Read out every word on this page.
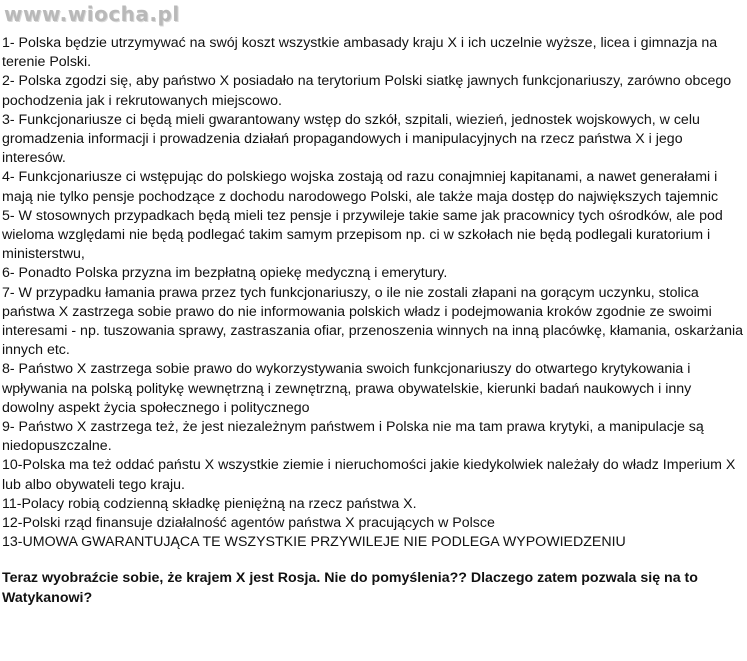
www.wiocha.pl
1- Polska będzie utrzymywać na swój koszt wszystkie ambasady kraju X i ich uczelnie wyższe, licea i gimnazja na terenie Polski.
2- Polska zgodzi się, aby państwo X posiadało na terytorium Polski siatkę jawnych funkcjonariuszy, zarówno obcego pochodzenia jak i rekrutowanych miejscowo.
3- Funkcjonariusze ci będą mieli gwarantowany wstęp do szkół, szpitali, wiezień, jednostek wojskowych, w celu gromadzenia informacji i prowadzenia działań propagandowych i manipulacyjnych na rzecz państwa X i jego interesów.
4- Funkcjonariusze ci wstępując do polskiego wojska zostają od razu conajmniej kapitanami, a nawet generałami i mają nie tylko pensje pochodzące z dochodu narodowego Polski, ale także maja dostęp do największych tajemnic
5- W stosownych przypadkach będą mieli tez pensje i przywileje takie same jak pracownicy tych ośrodków, ale pod wieloma względami nie będą podlegać takim samym przepisom np. ci w szkołach nie będą podlegali kuratorium i ministerstwu,
6- Ponadto Polska przyzna im bezpłatną opiekę medyczną i emerytury.
7- W przypadku łamania prawa przez tych funkcjonariuszy, o ile nie zostali złapani na gorącym uczynku, stolica państwa X zastrzega sobie prawo do nie informowania polskich władz i podejmowania kroków zgodnie ze swoimi interesami - np. tuszowania sprawy, zastraszania ofiar, przenoszenia winnych na inną placówkę, kłamania, oskarżania innych etc.
8- Państwo X zastrzega sobie prawo do wykorzystywania swoich funkcjonariuszy do otwartego krytykowania i wpływania na polską politykę wewnętrzną i zewnętrzną, prawa obywatelskie, kierunki badań naukowych i inny dowolny aspekt życia społecznego i politycznego
9- Państwo X zastrzega też, że jest niezależnym państwem i Polska nie ma tam prawa krytyki, a manipulacje są niedopuszczalne.
10-Polska ma też oddać państu X wszystkie ziemie i nieruchomości jakie kiedykolwiek należały do władz Imperium X lub albo obywateli tego kraju.
11-Polacy robią codzienną składkę pieniężną na rzecz państwa X.
12-Polski rząd finansuje działalność agentów państwa X pracujących w Polsce
13-UMOWA GWARANTUJĄCA TE WSZYSTKIE PRZYWILEJE NIE PODLEGA WYPOWIEDZENIU

Teraz wyobraźcie sobie, że krajem X jest Rosja. Nie do pomyślenia?? Dlaczego zatem pozwala się na to Watykanowi?
